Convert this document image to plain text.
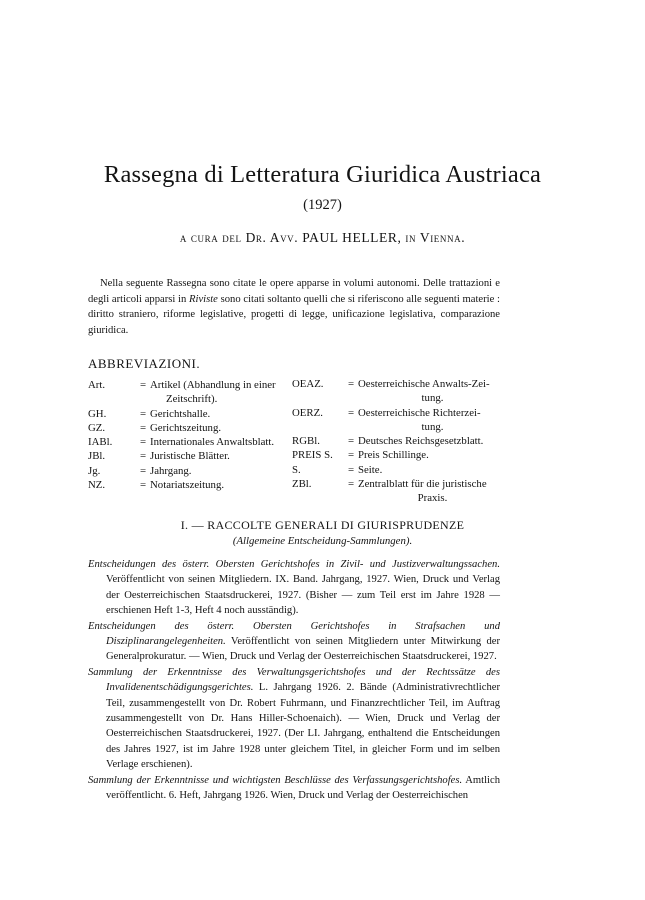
Rassegna di Letteratura Giuridica Austriaca
(1927)
a cura del Dr. Avv. PAUL HELLER, in Vienna.

Nella seguente Rassegna sono citate le opere apparse in volumi autonomi. Delle trattazioni e degli articoli apparsi in Riviste sono citati soltanto quelli che si riferiscono alle seguenti materie : diritto straniero, riforme legislative, progetti di legge, unificazione legislativa, comparazione giuridica.

ABBREVIAZIONI.
Art.	= Artikel (Abhandlung in einer
Zeitschrift).
GH.	= Gerichtshalle.
GZ.	= Gerichtszeitung.
IABl.	= Internationales Anwaltsblatt.
JBl.	= Juristische Blätter.
Jg.	= Jahrgang.
NZ.	= Notariatszeitung.
OEAZ.	= Oesterreichische Anwalts-Zei-
tung.
OERZ.	= Oesterreichische Richterzei-
tung.
RGBl.	= Deutsches Reichsgesetzblatt.
PREIS S.	= Preis Schillinge.
S.	= Seite.
ZBl.	= Zentralblatt für die juristische
Praxis.
I. — RACCOLTE GENERALI DI GIURISPRUDENZE
(Allgemeine Entscheidung-Sammlungen).

Entscheidungen des österr. Obersten Gerichtshofes in Zivil- und Justizverwaltungssachen. Veröffentlicht von seinen Mitgliedern. IX. Band. Jahrgang, 1927. Wien, Druck und Verlag der Oesterreichischen Staatsdruckerei, 1927. (Bisher — zum Teil erst im Jahre 1928 — erschienen Heft 1-3, Heft 4 noch ausständig).

Entscheidungen des österr. Obersten Gerichtshofes in Strafsachen und Disziplinarangelegenheiten. Veröffentlicht von seinen Mitgliedern unter Mitwirkung der Generalprokuratur. — Wien, Druck und Verlag der Oesterreichischen Staatsdruckerei, 1927.

Sammlung der Erkenntnisse des Verwaltungsgerichtshofes und der Rechtssätze des Invalidenentschädigungsgerichtes. L. Jahrgang 1926. 2. Bände (Administrativrechtlicher Teil, zusammengestellt von Dr. Robert Fuhrmann, und Finanzrechtlicher Teil, im Auftrag zusammengestellt von Dr. Hans Hiller-Schoenaich). — Wien, Druck und Verlag der Oesterreichischen Staatsdruckerei, 1927. (Der LI. Jahrgang, enthaltend die Entscheidungen des Jahres 1927, ist im Jahre 1928 unter gleichem Titel, in gleicher Form und im selben Verlage erschienen).

Sammlung der Erkenntnisse und wichtigsten Beschlüsse des Verfassungsgerichtshofes. Amtlich veröffentlicht. 6. Heft, Jahrgang 1926. Wien, Druck und Verlag der Oesterreichischen
